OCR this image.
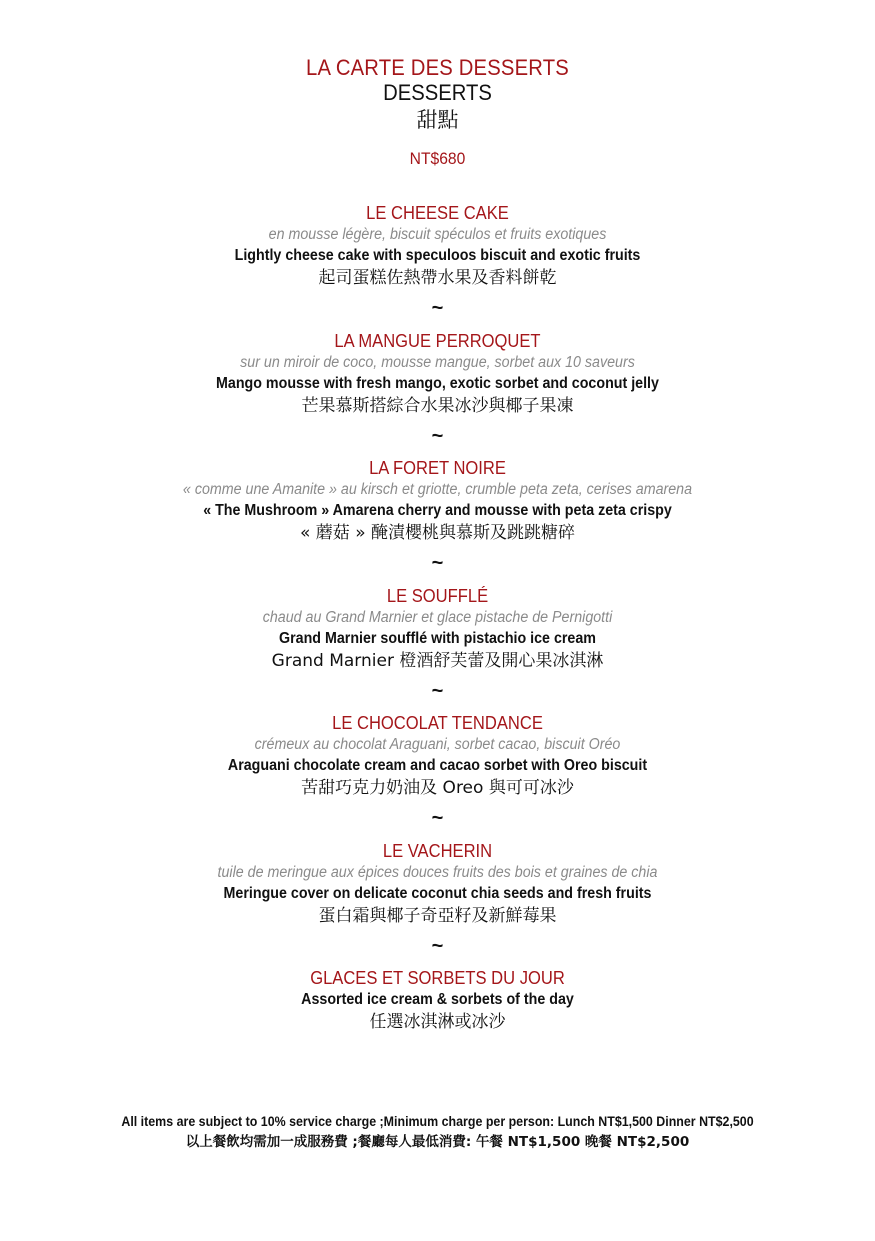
LA CARTE DES DESSERTS
DESSERTS
甜點
NT$680
LE CHEESE CAKE
en mousse légère, biscuit spéculos et fruits exotiques
Lightly cheese cake with speculoos biscuit and exotic fruits
起司蛋糕佐熱帶水果及香料餅乾
~
LA MANGUE PERROQUET
sur un miroir de coco, mousse mangue, sorbet aux 10 saveurs
Mango mousse with fresh mango, exotic sorbet and coconut jelly
芒果慕斯搭綜合水果冰沙與椰子果凍
~
LA FORET NOIRE
« comme une Amanite » au kirsch et griotte, crumble peta zeta, cerises amarena
« The Mushroom » Amarena cherry and mousse with peta zeta crispy
« 蘑菇 » 醃漬櫻桃與慕斯及跳跳糖碎
~
LE SOUFFLÉ
chaud au Grand Marnier et glace pistache de Pernigotti
Grand Marnier soufflé with pistachio ice cream
Grand Marnier 橙酒舒芙蕾及開心果冰淇淋
~
LE CHOCOLAT TENDANCE
crémeux au chocolat Araguani, sorbet cacao, biscuit Oréo
Araguani chocolate cream and cacao sorbet with Oreo biscuit
苦甜巧克力奶油及 Oreo 與可可冰沙
~
LE VACHERIN
tuile de meringue aux épices douces fruits des bois et graines de chia
Meringue cover on delicate coconut chia seeds and fresh fruits
蛋白霜與椰子奇亞籽及新鮮莓果
~
GLACES ET SORBETS DU JOUR
Assorted ice cream & sorbets of the day
任選冰淇淋或冰沙
All items are subject to 10% service charge ;Minimum charge per person: Lunch NT$1,500 Dinner NT$2,500
以上餐飲均需加一成服務費 ;餐廳每人最低消費: 午餐 NT$1,500 晚餐 NT$2,500
